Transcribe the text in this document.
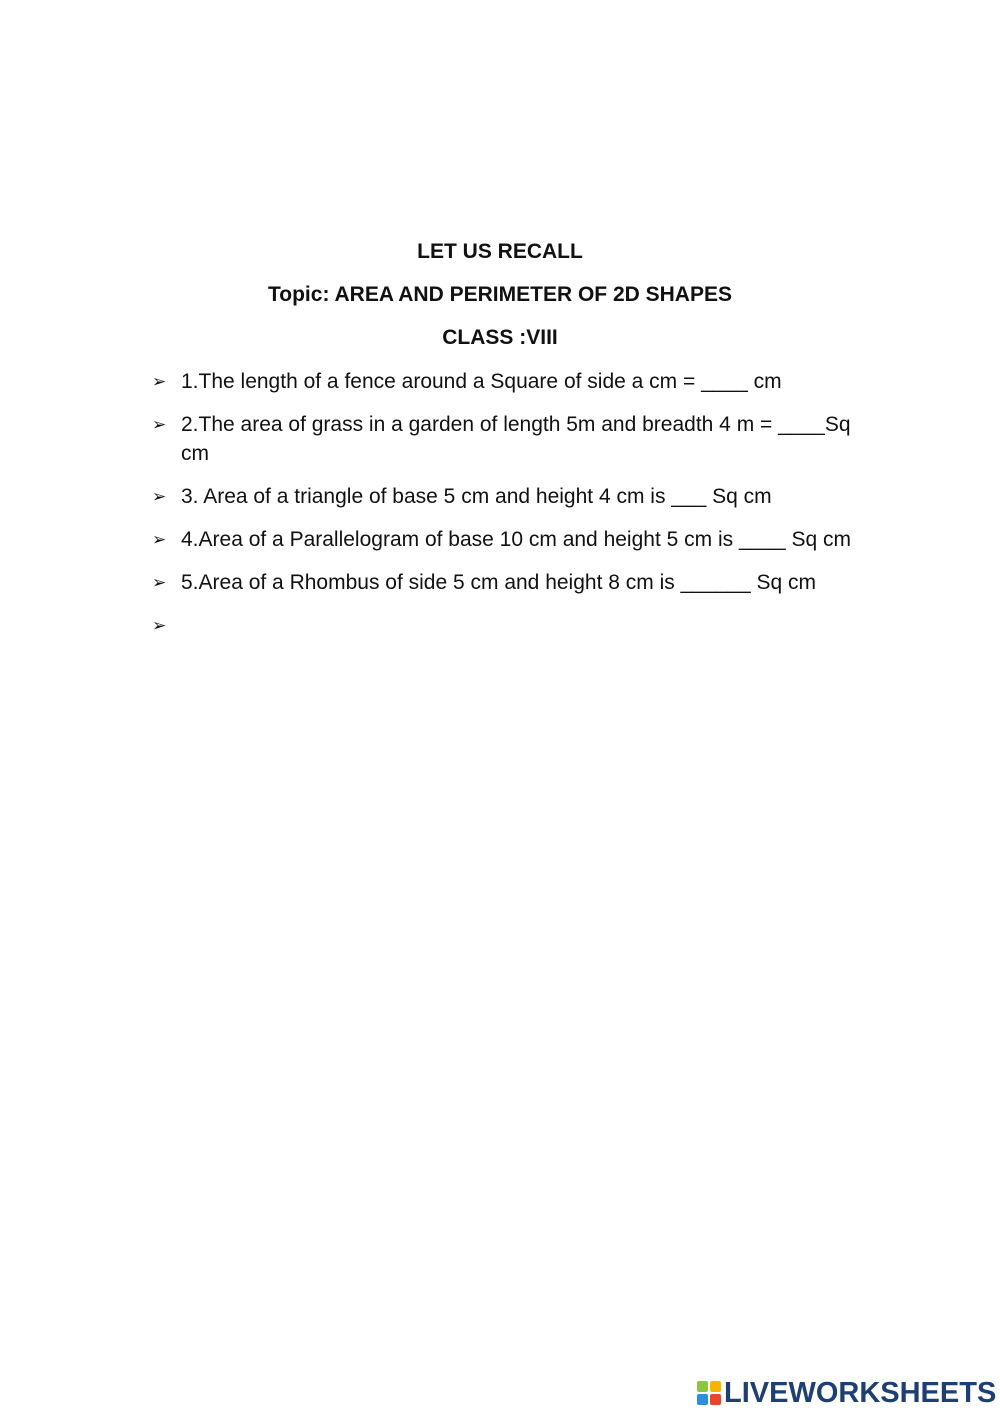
LET US RECALL
Topic: AREA AND PERIMETER OF 2D SHAPES
CLASS :VIII
➢ 1.The length of a fence around a Square of side a cm = ____ cm
➢ 2.The area of grass in a garden of length 5m and breadth 4 m = ____Sq cm
➢ 3. Area of a triangle of base 5 cm and height 4 cm is ___ Sq cm
➢ 4.Area of a Parallelogram of base 10 cm and height 5 cm is ____ Sq cm
➢ 5.Area of a Rhombus of side 5 cm and height 8 cm is ______ Sq cm
➢
LIVEWORKSHEETS
